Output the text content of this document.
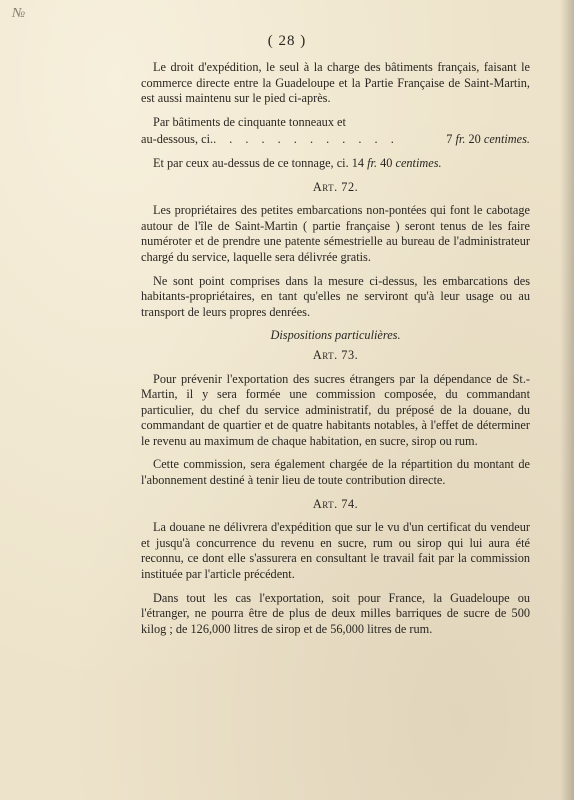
№
( 28 )

Le droit d'expédition, le seul à la charge des bâtiments français, faisant le commerce directe entre la Guadeloupe et la Partie Française de Saint-Martin, est aussi maintenu sur le pied ci-après.

Par bâtiments de cinquante tonneaux et

au-dessous, ci. . . . . . . . . . . . .	7 fr. 20 centimes.

Et par ceux au-dessus de ce tonnage, ci. 14 fr. 40 centimes.

Art. 72.

Les propriétaires des petites embarcations non-pontées qui font le cabotage autour de l'île de Saint-Martin ( partie française ) seront tenus de les faire numéroter et de prendre une patente sémestrielle au bureau de l'administrateur chargé du service, laquelle sera délivrée gratis.

Ne sont point comprises dans la mesure ci-dessus, les embarcations des habitants-propriétaires, en tant qu'elles ne serviront qu'à leur usage ou au transport de leurs propres denrées.

Dispositions particulières.

Art. 73.

Pour prévenir l'exportation des sucres étrangers par la dépendance de St.-Martin, il y sera formée une commission composée, du commandant particulier, du chef du service administratif, du préposé de la douane, du commandant de quartier et de quatre habitants notables, à l'effet de déterminer le revenu au maximum de chaque habitation, en sucre, sirop ou rum.

Cette commission, sera également chargée de la répartition du montant de l'abonnement destiné à tenir lieu de toute contribution directe.

Art. 74.

La douane ne délivrera d'expédition que sur le vu d'un certificat du vendeur et jusqu'à concurrence du revenu en sucre, rum ou sirop qui lui aura été reconnu, ce dont elle s'assurera en consultant le travail fait par la commission instituée par l'article précédent.

Dans tout les cas l'exportation, soit pour France, la Guadeloupe ou l'étranger, ne pourra être de plus de deux milles barriques de sucre de 500 kilog ; de 126,000 litres de sirop et de 56,000 litres de rum.
